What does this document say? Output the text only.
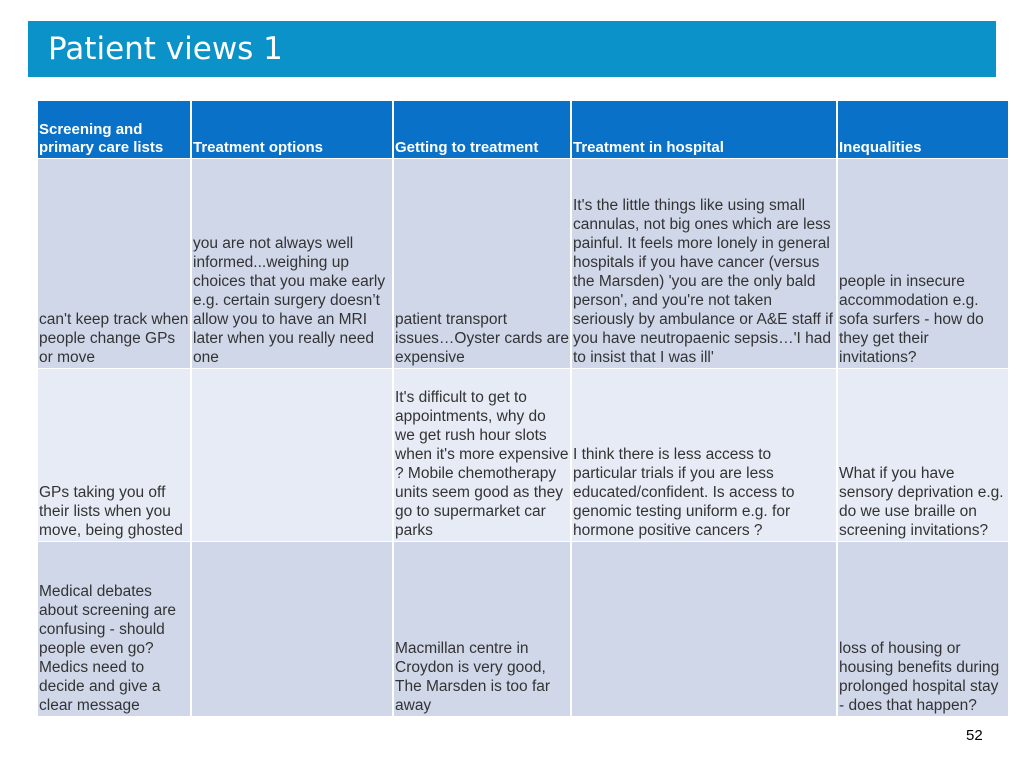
Patient views 1
Screening and primary care lists	Treatment options	Getting to treatment	Treatment in hospital	Inequalities
can't keep track when people change GPs or move	you are not always well informed...weighing up choices that you make early e.g. certain surgery doesn’t allow you to have an MRI later when you really need one	patient transport issues…Oyster cards are expensive	It's the little things like using small cannulas, not big ones which are less painful. It feels more lonely in general hospitals if you have cancer (versus the Marsden) 'you are the only bald person', and you're not taken seriously by ambulance or A&E staff if you have neutropaenic sepsis…'I had to insist that I was ill'	people in insecure accommodation e.g. sofa surfers - how do they get their invitations?
GPs taking you off their lists when you move, being ghosted		It's difficult to get to appointments, why do we get rush hour slots when it's more expensive ? Mobile chemotherapy units seem good as they go to supermarket car parks	I think there is less access to particular trials if you are less educated/confident. Is access to genomic testing uniform e.g. for hormone positive cancers ?	What if you have sensory deprivation e.g. do we use braille on screening invitations?
Medical debates about screening are confusing - should people even go? Medics need to decide and give a clear message		Macmillan centre in Croydon is very good, The Marsden is too far away		loss of housing or housing benefits during prolonged hospital stay - does that happen?
52
